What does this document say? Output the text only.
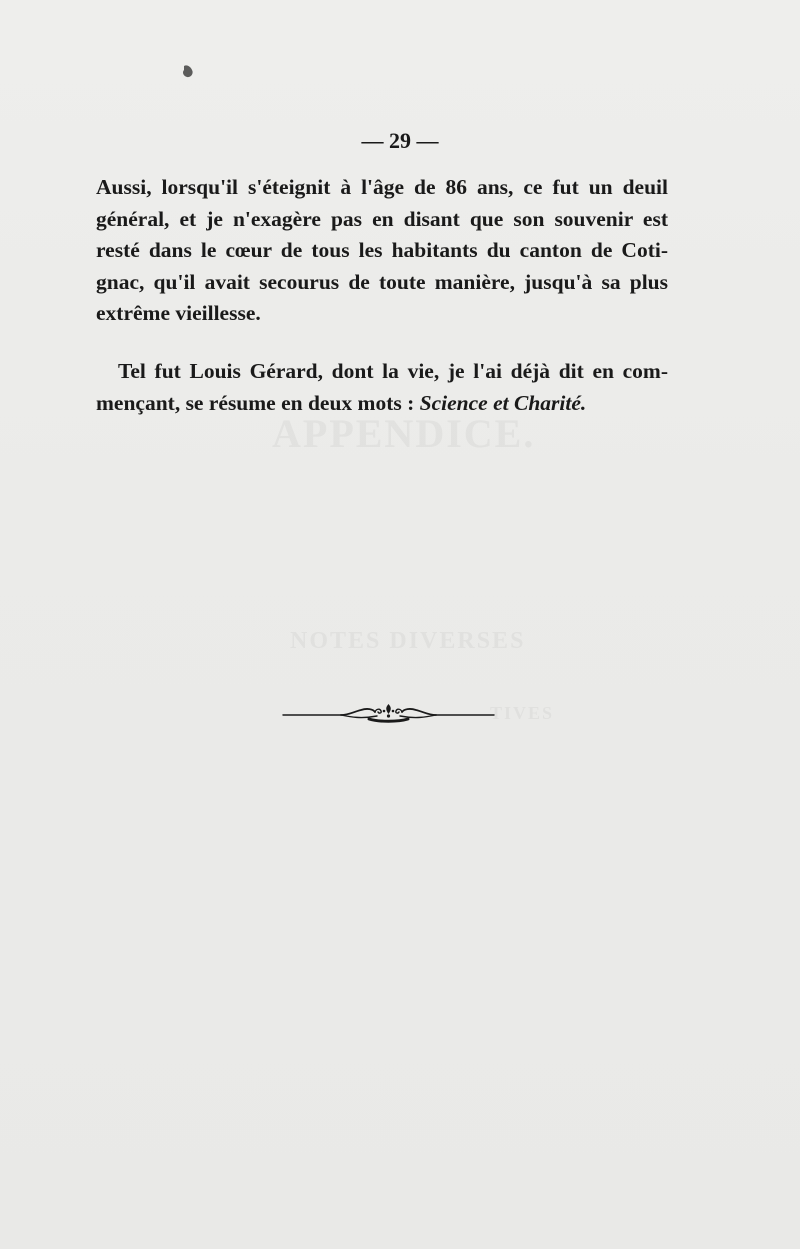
APPENDICE.
NOTES DIVERSES
TIVES
— 29 —
Aussi, lorsqu'il s'éteignit à l'âge de 86 ans, ce fut un deuil
général, et je n'exagère pas en disant que son souvenir est
resté dans le cœur de tous les habitants du canton de Coti-
gnac, qu'il avait secourus de toute manière, jusqu'à sa plus
extrême vieillesse.
Tel fut Louis Gérard, dont la vie, je l'ai déjà dit en com-
mençant, se résume en deux mots : Science et Charité.
